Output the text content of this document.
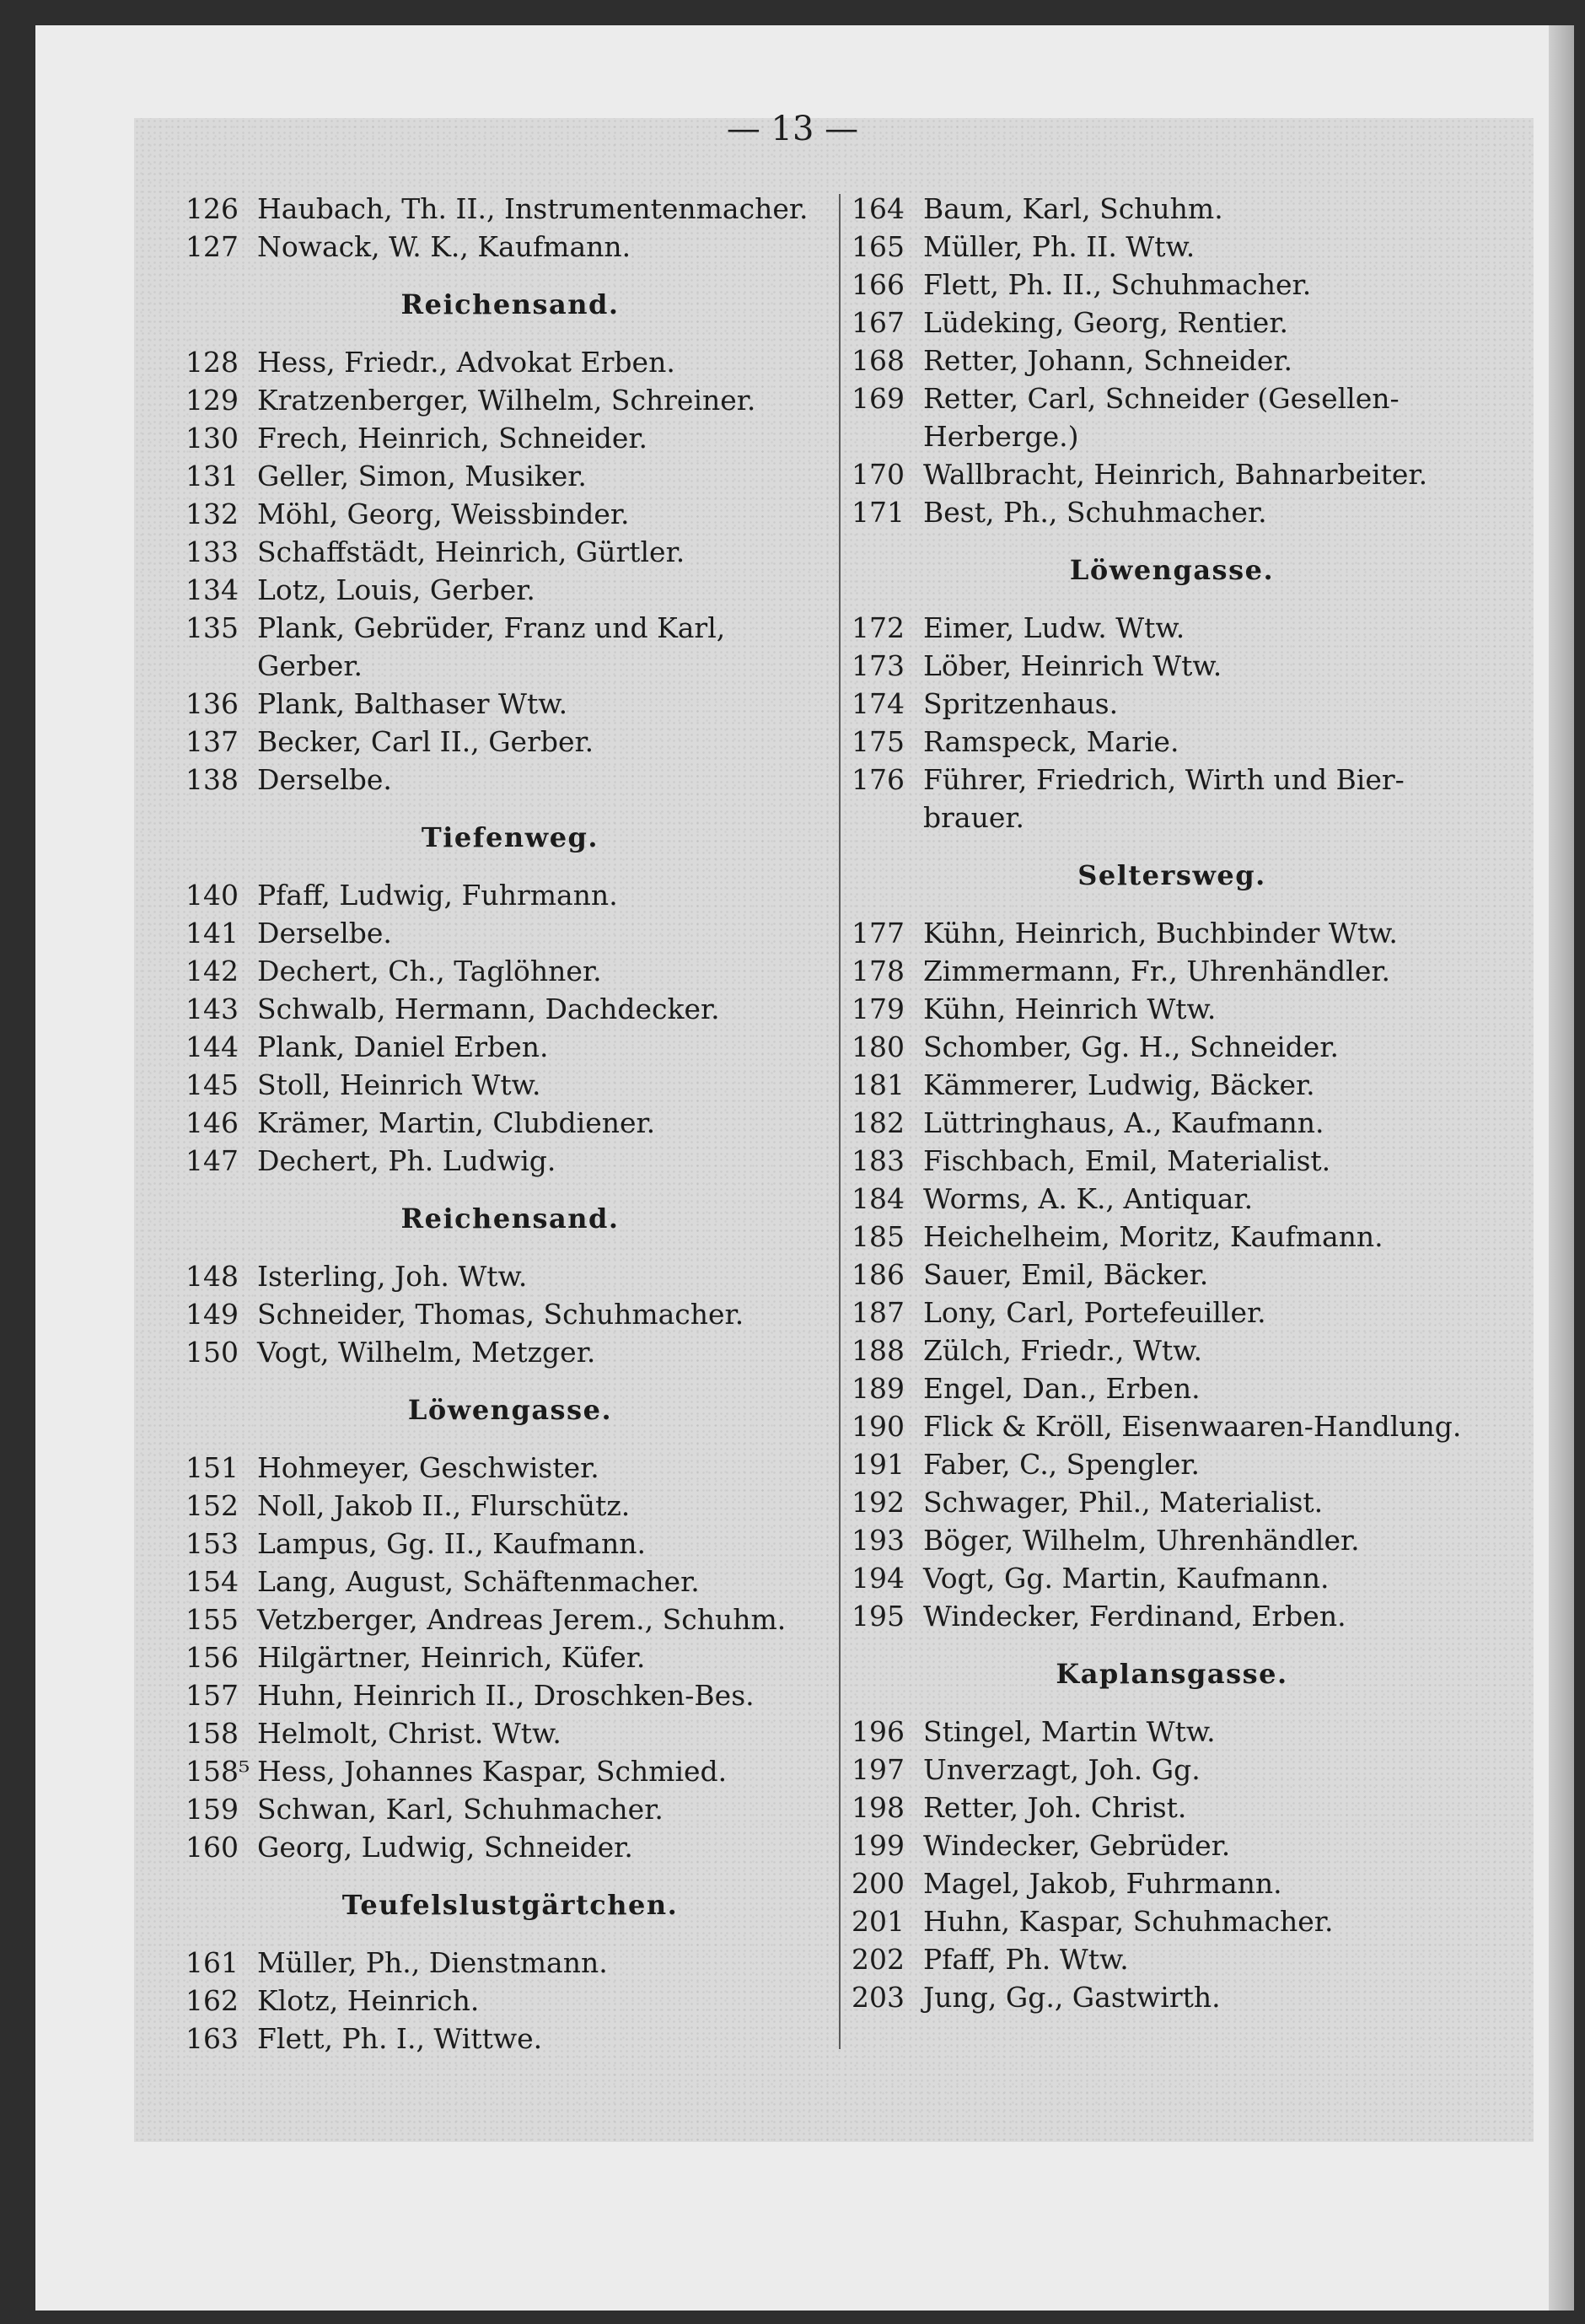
— 13 —
126 Haubach, Th. II., Instrumentenmacher.
127 Nowack, W. K., Kaufmann.
Reichensand.
128 Hess, Friedr., Advokat Erben.
129 Kratzenberger, Wilhelm, Schreiner.
130 Frech, Heinrich, Schneider.
131 Geller, Simon, Musiker.
132 Möhl, Georg, Weissbinder.
133 Schaffstädt, Heinrich, Gürtler.
134 Lotz, Louis, Gerber.
135 Plank, Gebrüder, Franz und Karl,
Gerber.
136 Plank, Balthaser Wtw.
137 Becker, Carl II., Gerber.
138 Derselbe.
Tiefenweg.
140 Pfaff, Ludwig, Fuhrmann.
141 Derselbe.
142 Dechert, Ch., Taglöhner.
143 Schwalb, Hermann, Dachdecker.
144 Plank, Daniel Erben.
145 Stoll, Heinrich Wtw.
146 Krämer, Martin, Clubdiener.
147 Dechert, Ph. Ludwig.
Reichensand.
148 Isterling, Joh. Wtw.
149 Schneider, Thomas, Schuhmacher.
150 Vogt, Wilhelm, Metzger.
Löwengasse.
151 Hohmeyer, Geschwister.
152 Noll, Jakob II., Flurschütz.
153 Lampus, Gg. II., Kaufmann.
154 Lang, August, Schäftenmacher.
155 Vetzberger, Andreas Jerem., Schuhm.
156 Hilgärtner, Heinrich, Küfer.
157 Huhn, Heinrich II., Droschken-Bes.
158 Helmolt, Christ. Wtw.
158⁵ Hess, Johannes Kaspar, Schmied.
159 Schwan, Karl, Schuhmacher.
160 Georg, Ludwig, Schneider.
Teufelslustgärtchen.
161 Müller, Ph., Dienstmann.
162 Klotz, Heinrich.
163 Flett, Ph. I., Wittwe.
164 Baum, Karl, Schuhm.
165 Müller, Ph. II. Wtw.
166 Flett, Ph. II., Schuhmacher.
167 Lüdeking, Georg, Rentier.
168 Retter, Johann, Schneider.
169 Retter, Carl, Schneider (Gesellen-
Herberge.)
170 Wallbracht, Heinrich, Bahnarbeiter.
171 Best, Ph., Schuhmacher.
Löwengasse.
172 Eimer, Ludw. Wtw.
173 Löber, Heinrich Wtw.
174 Spritzenhaus.
175 Ramspeck, Marie.
176 Führer, Friedrich, Wirth und Bier-
brauer.
Seltersweg.
177 Kühn, Heinrich, Buchbinder Wtw.
178 Zimmermann, Fr., Uhrenhändler.
179 Kühn, Heinrich Wtw.
180 Schomber, Gg. H., Schneider.
181 Kämmerer, Ludwig, Bäcker.
182 Lüttringhaus, A., Kaufmann.
183 Fischbach, Emil, Materialist.
184 Worms, A. K., Antiquar.
185 Heichelheim, Moritz, Kaufmann.
186 Sauer, Emil, Bäcker.
187 Lony, Carl, Portefeuiller.
188 Zülch, Friedr., Wtw.
189 Engel, Dan., Erben.
190 Flick & Kröll, Eisenwaaren-Handlung.
191 Faber, C., Spengler.
192 Schwager, Phil., Materialist.
193 Böger, Wilhelm, Uhrenhändler.
194 Vogt, Gg. Martin, Kaufmann.
195 Windecker, Ferdinand, Erben.
Kaplansgasse.
196 Stingel, Martin Wtw.
197 Unverzagt, Joh. Gg.
198 Retter, Joh. Christ.
199 Windecker, Gebrüder.
200 Magel, Jakob, Fuhrmann.
201 Huhn, Kaspar, Schuhmacher.
202 Pfaff, Ph. Wtw.
203 Jung, Gg., Gastwirth.
